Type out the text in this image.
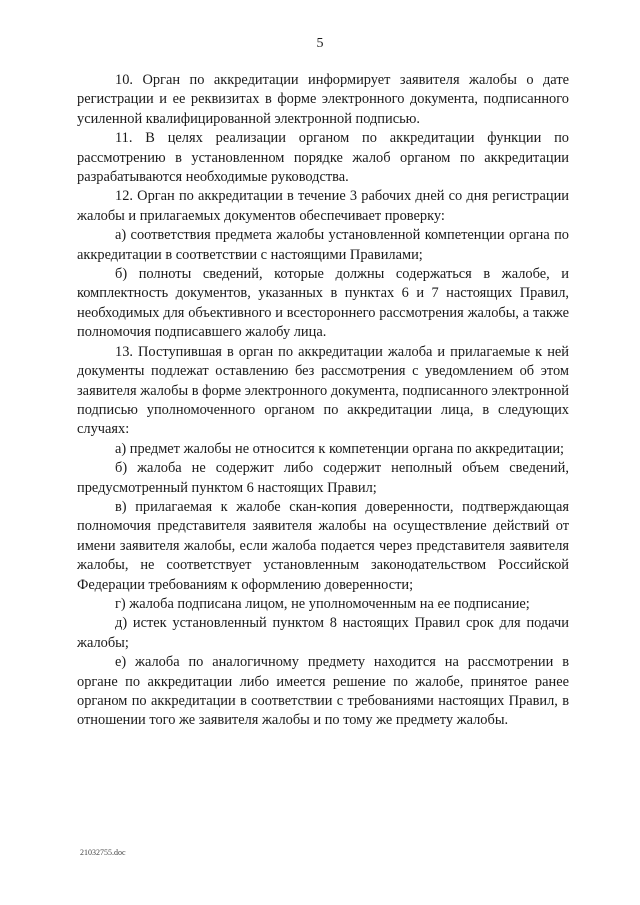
5

10. Орган по аккредитации информирует заявителя жалобы о дате регистрации и ее реквизитах в форме электронного документа, подписанного усиленной квалифицированной электронной подписью.

11. В целях реализации органом по аккредитации функции по рассмотрению в установленном порядке жалоб органом по аккредитации разрабатываются необходимые руководства.

12. Орган по аккредитации в течение 3 рабочих дней со дня регистрации жалобы и прилагаемых документов обеспечивает проверку:

а) соответствия предмета жалобы установленной компетенции органа по аккредитации в соответствии с настоящими Правилами;

б) полноты сведений, которые должны содержаться в жалобе, и комплектность документов, указанных в пунктах 6 и 7 настоящих Правил, необходимых для объективного и всестороннего рассмотрения жалобы, а также полномочия подписавшего жалобу лица.

13. Поступившая в орган по аккредитации жалоба и прилагаемые к ней документы подлежат оставлению без рассмотрения с уведомлением об этом заявителя жалобы в форме электронного документа, подписанного электронной подписью уполномоченного органом по аккредитации лица, в следующих случаях:

а) предмет жалобы не относится к компетенции органа по аккредитации;

б) жалоба не содержит либо содержит неполный объем сведений, предусмотренный пунктом 6 настоящих Правил;

в) прилагаемая к жалобе скан-копия доверенности, подтверждающая полномочия представителя заявителя жалобы на осуществление действий от имени заявителя жалобы, если жалоба подается через представителя заявителя жалобы, не соответствует установленным законодательством Российской Федерации требованиям к оформлению доверенности;

г) жалоба подписана лицом, не уполномоченным на ее подписание;

д) истек установленный пунктом 8 настоящих Правил срок для подачи жалобы;

е) жалоба по аналогичному предмету находится на рассмотрении в органе по аккредитации либо имеется решение по жалобе, принятое ранее органом по аккредитации в соответствии с требованиями настоящих Правил, в отношении того же заявителя жалобы и по тому же предмету жалобы.

21032755.doc
